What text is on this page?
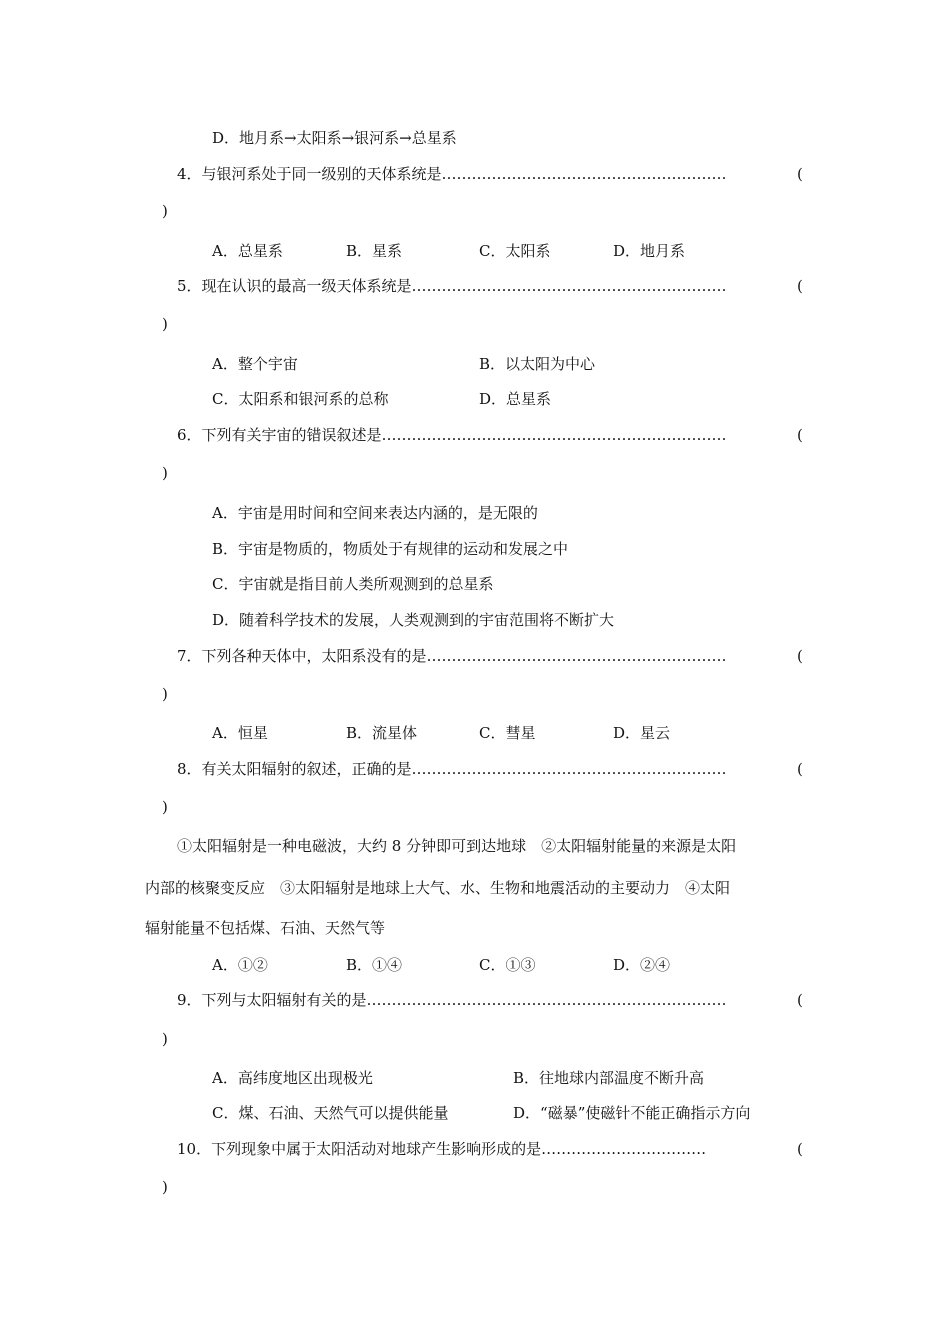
D．地月系→太阳系→银河系→总星系
4．与银河系处于同一级别的天体系统是…………………………………………………	(
)
A．总星系	B．星系	C．太阳系	D．地月系
5．现在认识的最高一级天体系统是………………………………………………………	(
)
A．整个宇宙	B．以太阳为中心
C．太阳系和银河系的总称	D．总星系
6．下列有关宇宙的错误叙述是……………………………………………………………	(
)
A．宇宙是用时间和空间来表达内涵的，是无限的
B．宇宙是物质的，物质处于有规律的运动和发展之中
C．宇宙就是指目前人类所观测到的总星系
D．随着科学技术的发展，人类观测到的宇宙范围将不断扩大
7．下列各种天体中，太阳系没有的是……………………………………………………	(
)
A．恒星	B．流星体	C．彗星	D．星云
8．有关太阳辐射的叙述，正确的是………………………………………………………	(
)
①太阳辐射是一种电磁波，大约 8 分钟即可到达地球　②太阳辐射能量的来源是太阳
内部的核聚变反应　③太阳辐射是地球上大气、水、生物和地震活动的主要动力　④太阳
辐射能量不包括煤、石油、天然气等
A．①②	B．①④	C．①③	D．②④
9．下列与太阳辐射有关的是………………………………………………………………	(
)
A．高纬度地区出现极光	B．往地球内部温度不断升高
C．煤、石油、天然气可以提供能量	D．“磁暴”使磁针不能正确指示方向
10．下列现象中属于太阳活动对地球产生影响形成的是……………………………	(
)
